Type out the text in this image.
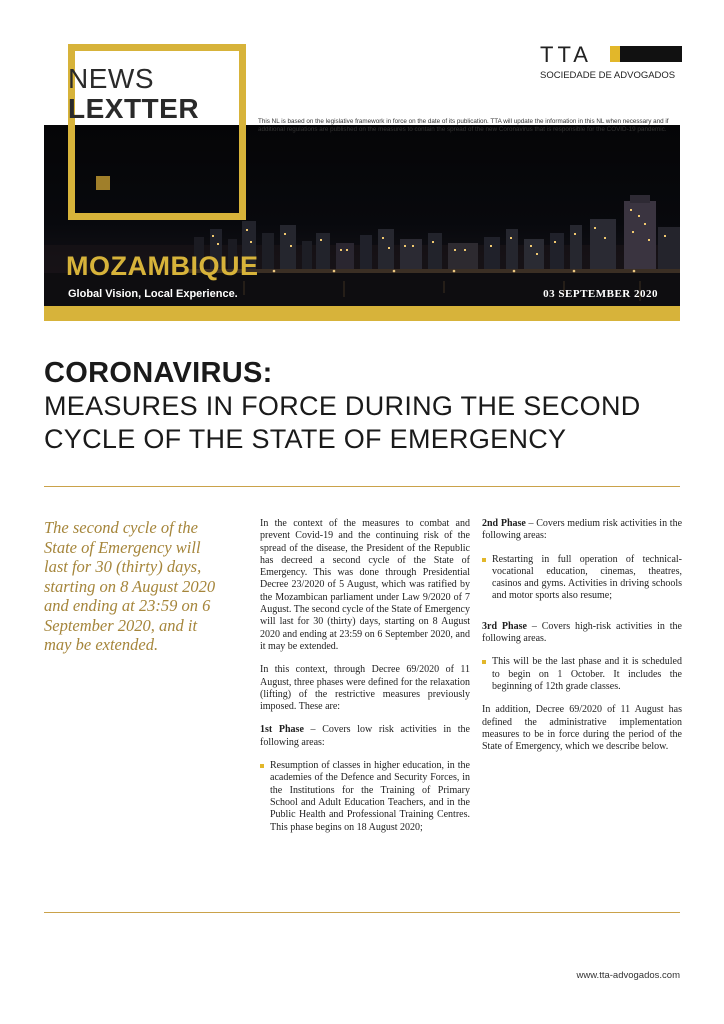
NEWS
LEXTTER
TTA
SOCIEDADE DE ADVOGADOS
This NL is based on the legislative framework in force on the date of its publication. TTA will update the information in this NL when necessary and if additional regulations are published on the measures to contain the spread of the new Coronavirus that is responsible for the COVID-19 pandemic.
MOZAMBIQUE
Global Vision, Local Experience.	03 SEPTEMBER 2020
CORONAVIRUS:
MEASURES IN FORCE DURING THE SECOND
CYCLE OF THE STATE OF EMERGENCY
The second cycle of the State of Emergency will last for 30 (thirty) days, starting on 8 August 2020 and ending at 23:59 on 6 September 2020, and it may be extended.

In the context of the measures to combat and prevent Covid-19 and the continuing risk of the spread of the disease, the President of the Republic has decreed a second cycle of the State of Emergency. This was done through Presidential Decree 23/2020 of 5 August, which was ratified by the Mozambican parliament under Law 9/2020 of 7 August. The second cycle of the State of Emergency will last for 30 (thirty) days, starting on 8 August 2020 and ending at 23:59 on 6 September 2020, and it may be extended.

In this context, through Decree 69/2020 of 11 August, three phases were defined for the relaxation (lifting) of the restrictive measures previously imposed. These are:

1st Phase – Covers low risk activities in the following areas:

Resumption of classes in higher education, in the academies of the Defence and Security Forces, in the Institutions for the Training of Primary School and Adult Education Teachers, and in the Public Health and Professional Training Centres. This phase begins on 18 August 2020;

2nd Phase – Covers medium risk activities in the following areas:

Restarting in full operation of technical-vocational education, cinemas, theatres, casinos and gyms. Activities in driving schools and motor sports also resume;

3rd Phase – Covers high-risk activities in the following areas.

This will be the last phase and it is scheduled to begin on 1 October. It includes the beginning of 12th grade classes.

In addition, Decree 69/2020 of 11 August has defined the administrative implementation measures to be in force during the period of the State of Emergency, which we describe below.

www.tta-advogados.com
